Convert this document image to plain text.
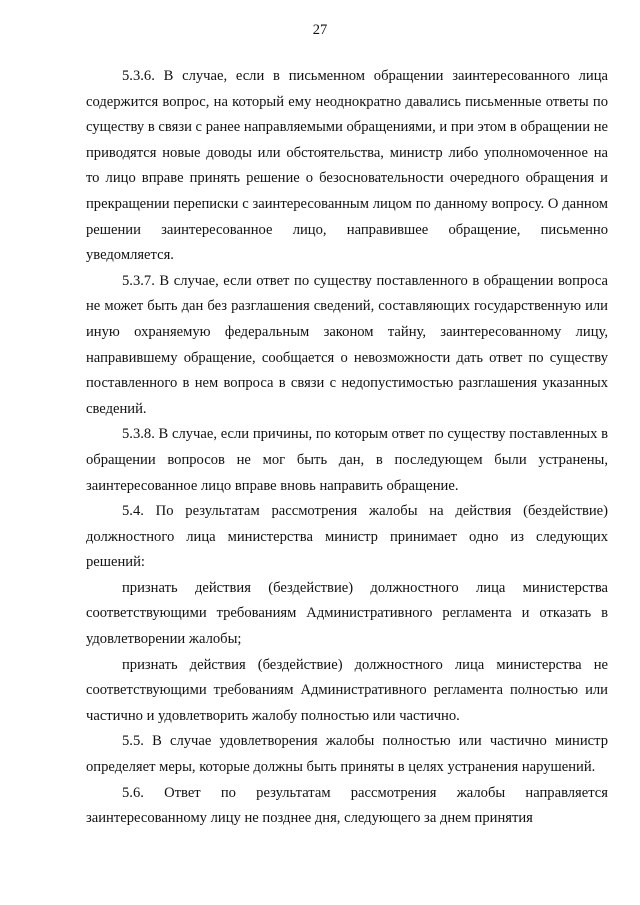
27

5.3.6. В случае, если в письменном обращении заинтересованного лица содержится вопрос, на который ему неоднократно давались письменные ответы по существу в связи с ранее направляемыми обращениями, и при этом в обращении не приводятся новые доводы или обстоятельства, министр либо уполномоченное на то лицо вправе принять решение о безосновательности очередного обращения и прекращении переписки с заинтересованным лицом по данному вопросу. О данном решении заинтересованное лицо, направившее обращение, письменно уведомляется.

5.3.7. В случае, если ответ по существу поставленного в обращении вопроса не может быть дан без разглашения сведений, составляющих государственную или иную охраняемую федеральным законом тайну, заинтересованному лицу, направившему обращение, сообщается о невозможности дать ответ по существу поставленного в нем вопроса в связи с недопустимостью разглашения указанных сведений.

5.3.8. В случае, если причины, по которым ответ по существу поставленных в обращении вопросов не мог быть дан, в последующем были устранены, заинтересованное лицо вправе вновь направить обращение.

5.4. По результатам рассмотрения жалобы на действия (бездействие) должностного лица министерства министр принимает одно из следующих решений:

признать действия (бездействие) должностного лица министерства соответствующими требованиям Административного регламента и отказать в удовлетворении жалобы;

признать действия (бездействие) должностного лица министерства не соответствующими требованиям Административного регламента полностью или частично и удовлетворить жалобу полностью или частично.

5.5. В случае удовлетворения жалобы полностью или частично министр определяет меры, которые должны быть приняты в целях устранения нарушений.

5.6. Ответ по результатам рассмотрения жалобы направляется заинтересованному лицу не позднее дня, следующего за днем принятия
